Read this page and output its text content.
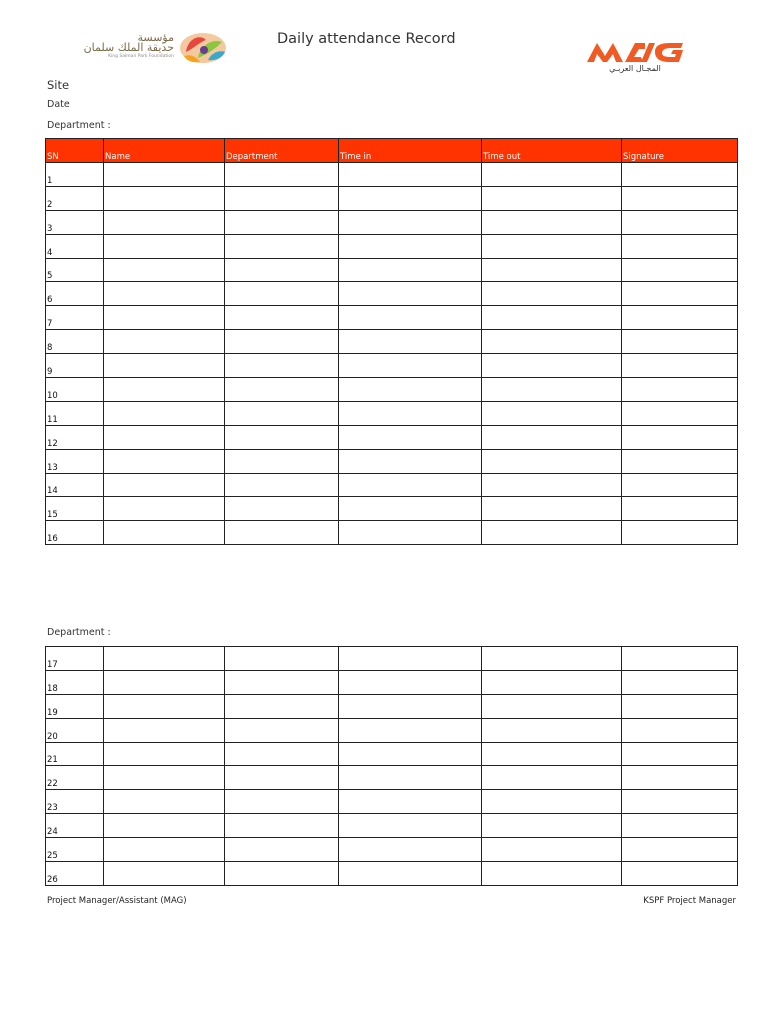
مؤسسة
حديقة الملك سلمان
King Salman Park Foundation
Daily attendance Record
المجـال العربـي
Site
Date
Department :
SN	Name	Department	Time in	Time out	Signature
1					
2					
3					
4					
5					
6					
7					
8					
9					
10					
11					
12					
13					
14					
15					
16					
Department :
17					
18					
19					
20					
21					
22					
23					
24					
25					
26					
Project Manager/Assistant (MAG)	KSPF Project Manager
